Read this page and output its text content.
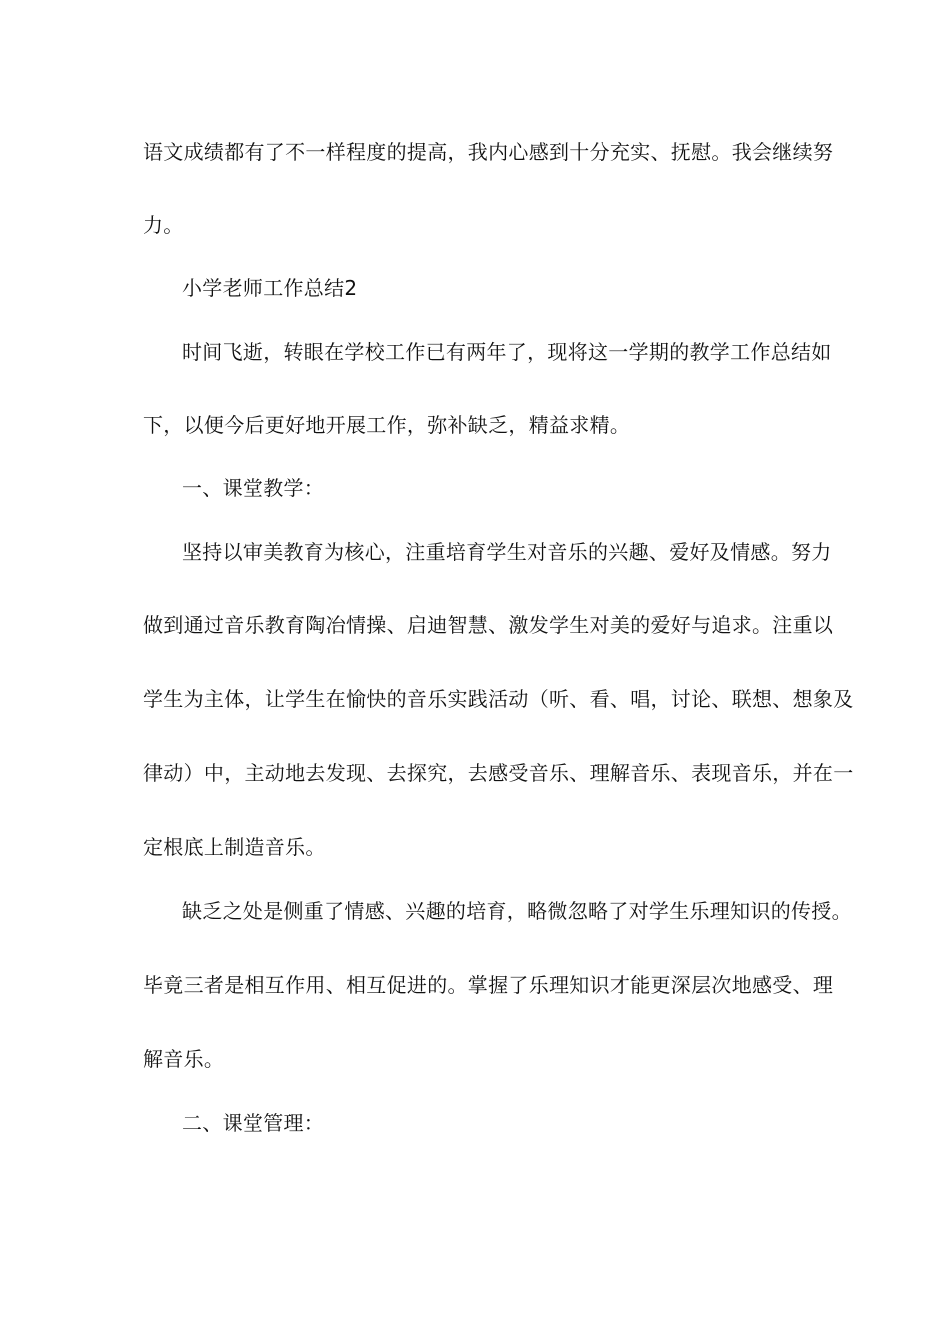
语文成绩都有了不一样程度的提高，我内心感到十分充实、抚慰。我会继续努
力。
小学老师工作总结2
时间飞逝，转眼在学校工作已有两年了，现将这一学期的教学工作总结如
下，以便今后更好地开展工作，弥补缺乏，精益求精。
一、课堂教学：
坚持以审美教育为核心，注重培育学生对音乐的兴趣、爱好及情感。努力
做到通过音乐教育陶冶情操、启迪智慧、激发学生对美的爱好与追求。注重以
学生为主体，让学生在愉快的音乐实践活动（听、看、唱，讨论、联想、想象及
律动）中，主动地去发现、去探究，去感受音乐、理解音乐、表现音乐，并在一
定根底上制造音乐。
缺乏之处是侧重了情感、兴趣的培育，略微忽略了对学生乐理知识的传授。
毕竟三者是相互作用、相互促进的。掌握了乐理知识才能更深层次地感受、理
解音乐。
二、课堂管理：
